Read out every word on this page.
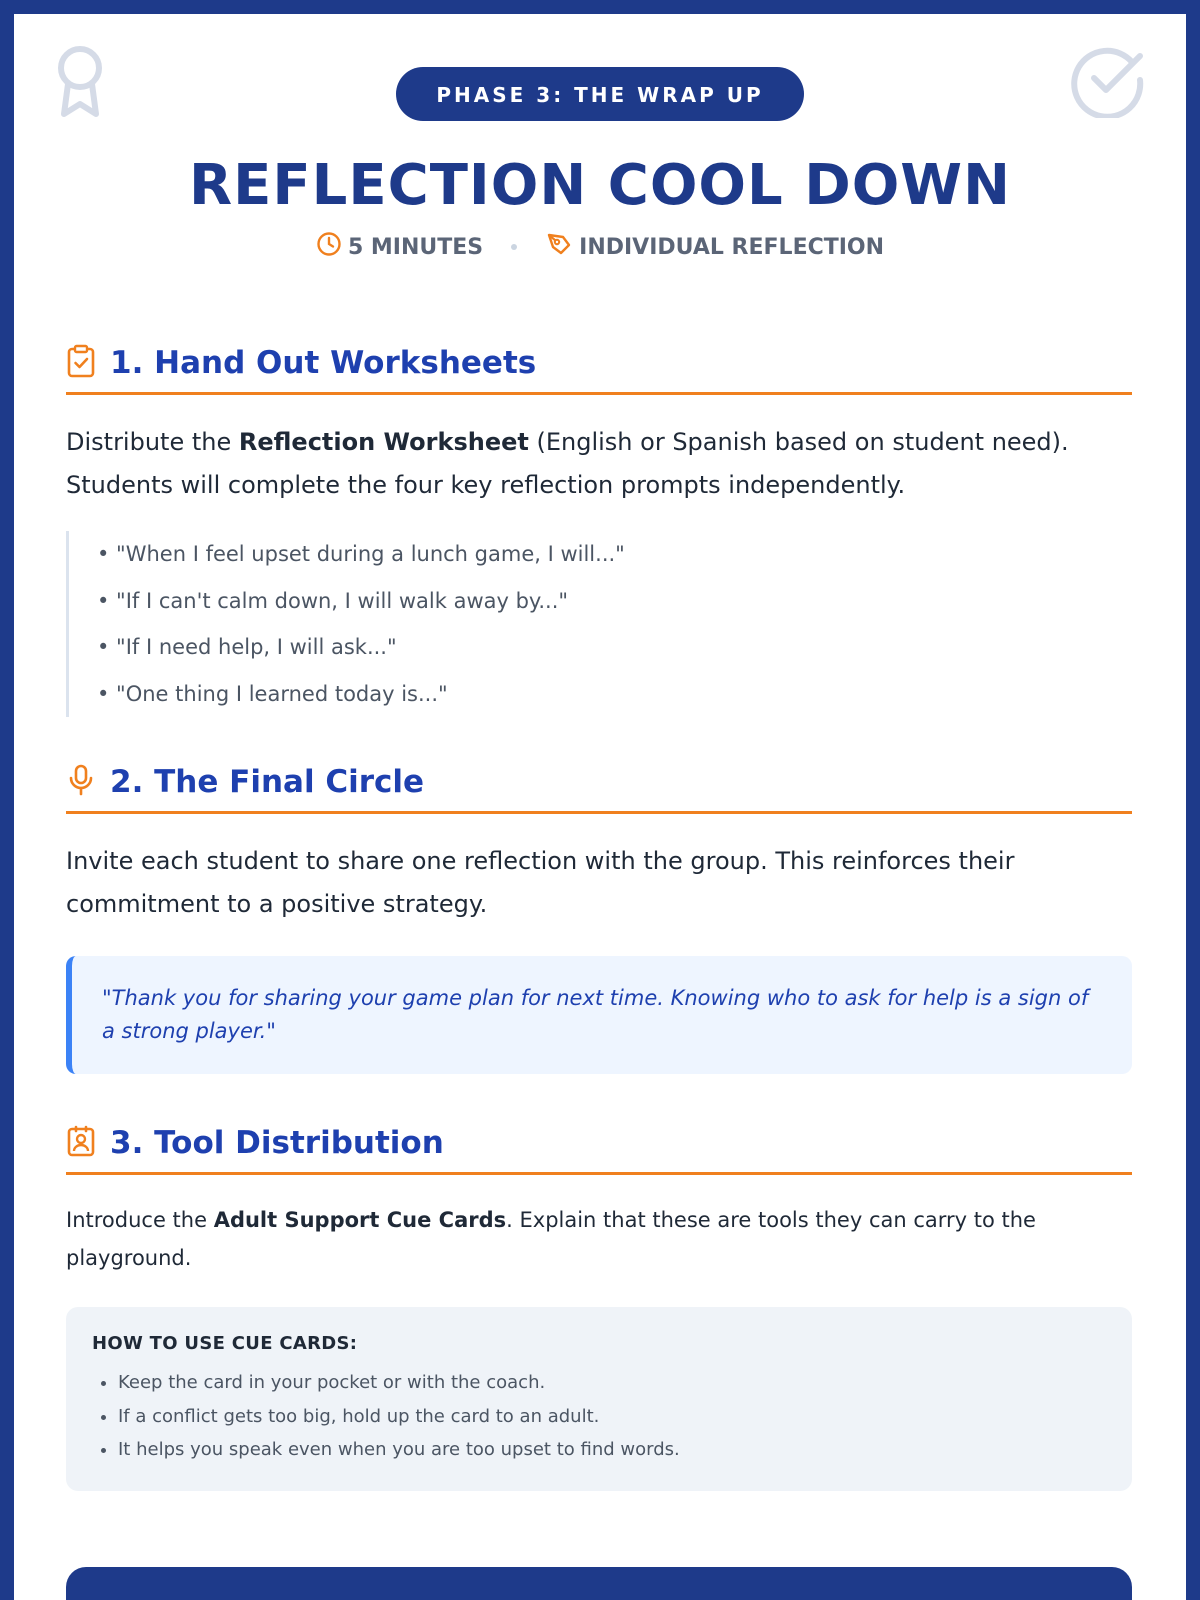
PHASE 3: THE WRAP UP
REFLECTION COOL DOWN
5 MINUTES	INDIVIDUAL REFLECTION
1. Hand Out Worksheets

Distribute the Reflection Worksheet (English or Spanish based on student need). Students will complete the four key reflection prompts independently.

• "When I feel upset during a lunch game, I will..."
• "If I can't calm down, I will walk away by..."
• "If I need help, I will ask..."
• "One thing I learned today is..."
2. The Final Circle

Invite each student to share one reflection with the group. This reinforces their commitment to a positive strategy.

"Thank you for sharing your game plan for next time. Knowing who to ask for help is a sign of a strong player."
3. Tool Distribution

Introduce the Adult Support Cue Cards. Explain that these are tools they can carry to the playground.

HOW TO USE CUE CARDS:
• Keep the card in your pocket or with the coach.
• If a conflict gets too big, hold up the card to an adult.
• It helps you speak even when you are too upset to find words.
